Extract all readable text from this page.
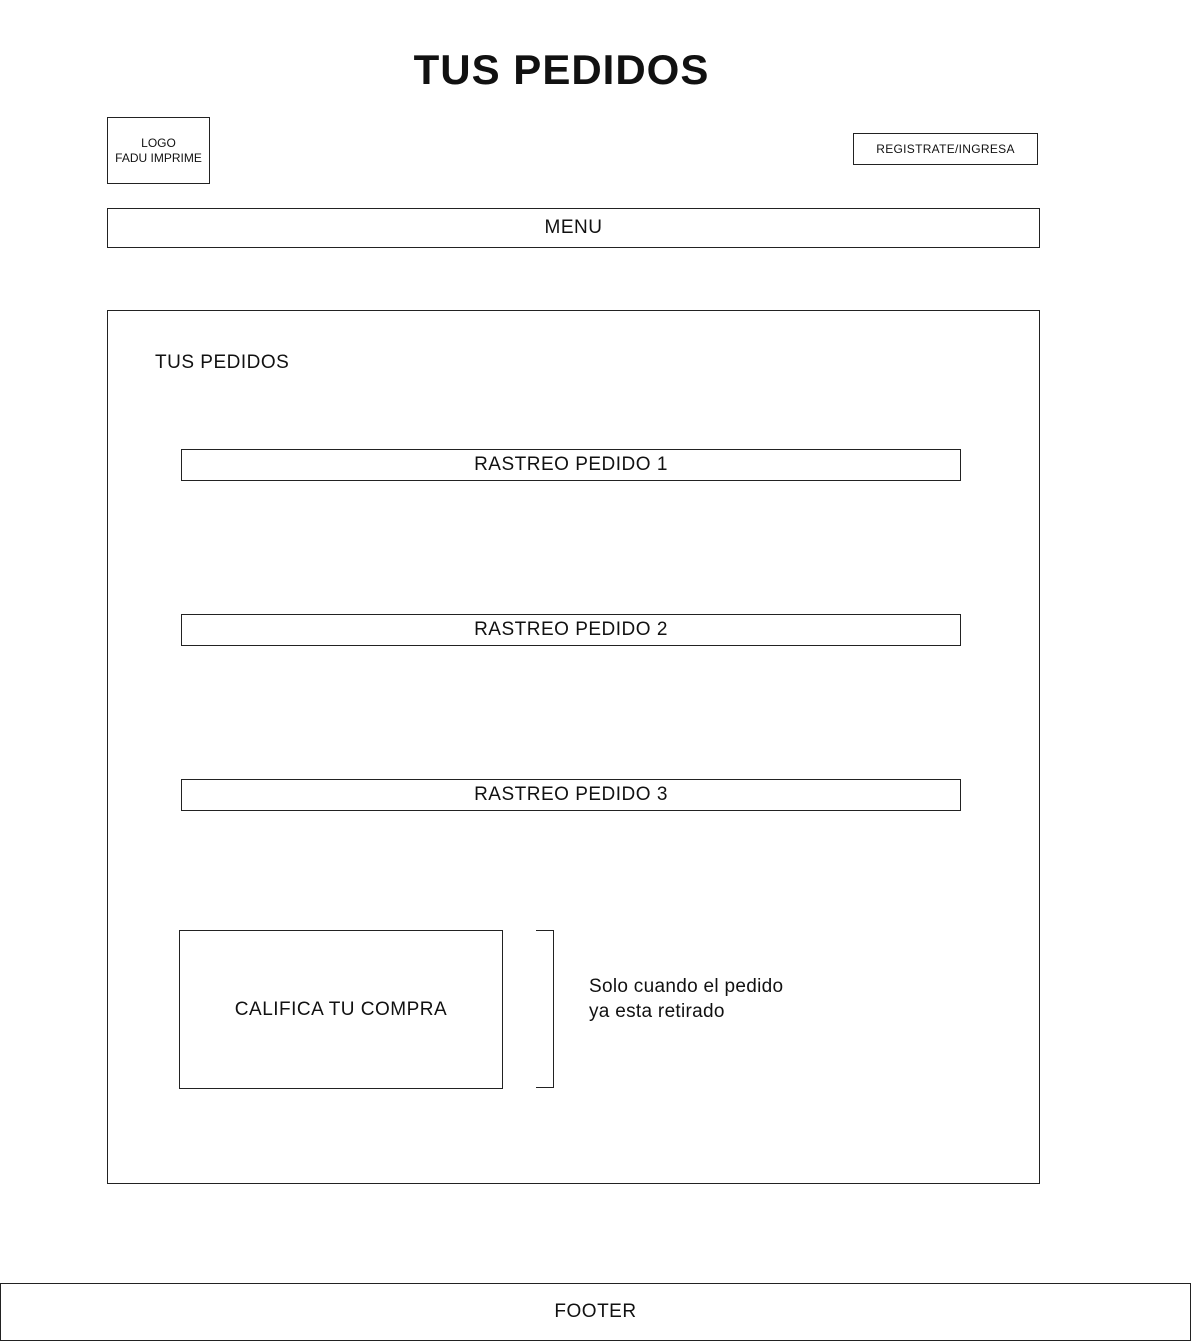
TUS PEDIDOS
LOGO
FADU IMPRIME
REGISTRATE/INGRESA
MENU
TUS PEDIDOS
RASTREO PEDIDO 1
RASTREO PEDIDO 2
RASTREO PEDIDO 3
CALIFICA TU COMPRA
Solo cuando el pedido
ya esta retirado
FOOTER
